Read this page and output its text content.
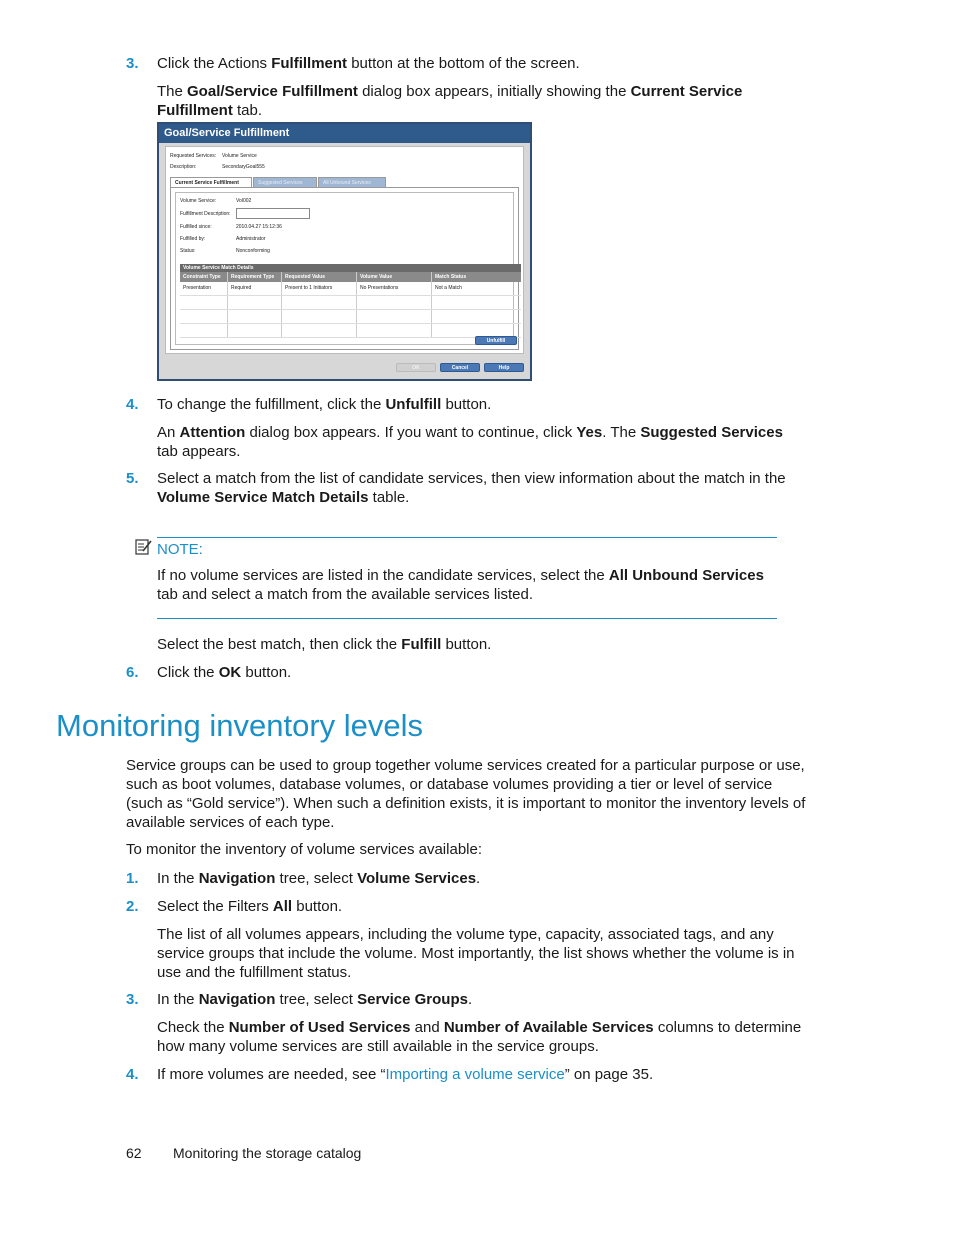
3. Click the Actions Fulfillment button at the bottom of the screen.
The Goal/Service Fulfillment dialog box appears, initially showing the Current Service Fulfillment tab.
Goal/Service Fulfillment
Requested Services: Volume Service
Description:	SecondaryGoal555
Current Service Fulfillment	Suggested Services	All Unbound Services
Volume Service:	Vol002
Fulfillment Description:
Fulfilled since:	2010.04.27 15:12:36
Fulfilled by:	Administrator
Status:	Nonconforming
Volume Service Match Details
Constraint Type	Requirement Type	Requested Value	Volume Value	Match Status
Presentation	Required	Present to 1 Initiators	No Presentations	Not a Match
Unfulfill
OK	Cancel	Help
4. To change the fulfillment, click the Unfulfill button.
An Attention dialog box appears. If you want to continue, click Yes. The Suggested Services tab appears.
5. Select a match from the list of candidate services, then view information about the match in the Volume Service Match Details table.
NOTE:
If no volume services are listed in the candidate services, select the All Unbound Services tab and select a match from the available services listed.
Select the best match, then click the Fulfill button.
6. Click the OK button.
Monitoring inventory levels
Service groups can be used to group together volume services created for a particular purpose or use, such as boot volumes, database volumes, or database volumes providing a tier or level of service (such as “Gold service”). When such a definition exists, it is important to monitor the inventory levels of available services of each type.
To monitor the inventory of volume services available:
1. In the Navigation tree, select Volume Services.
2. Select the Filters All button.
The list of all volumes appears, including the volume type, capacity, associated tags, and any service groups that include the volume. Most importantly, the list shows whether the volume is in use and the fulfillment status.
3. In the Navigation tree, select Service Groups.
Check the Number of Used Services and Number of Available Services columns to determine how many volume services are still available in the service groups.
4. If more volumes are needed, see “Importing a volume service” on page 35.
62 Monitoring the storage catalog
